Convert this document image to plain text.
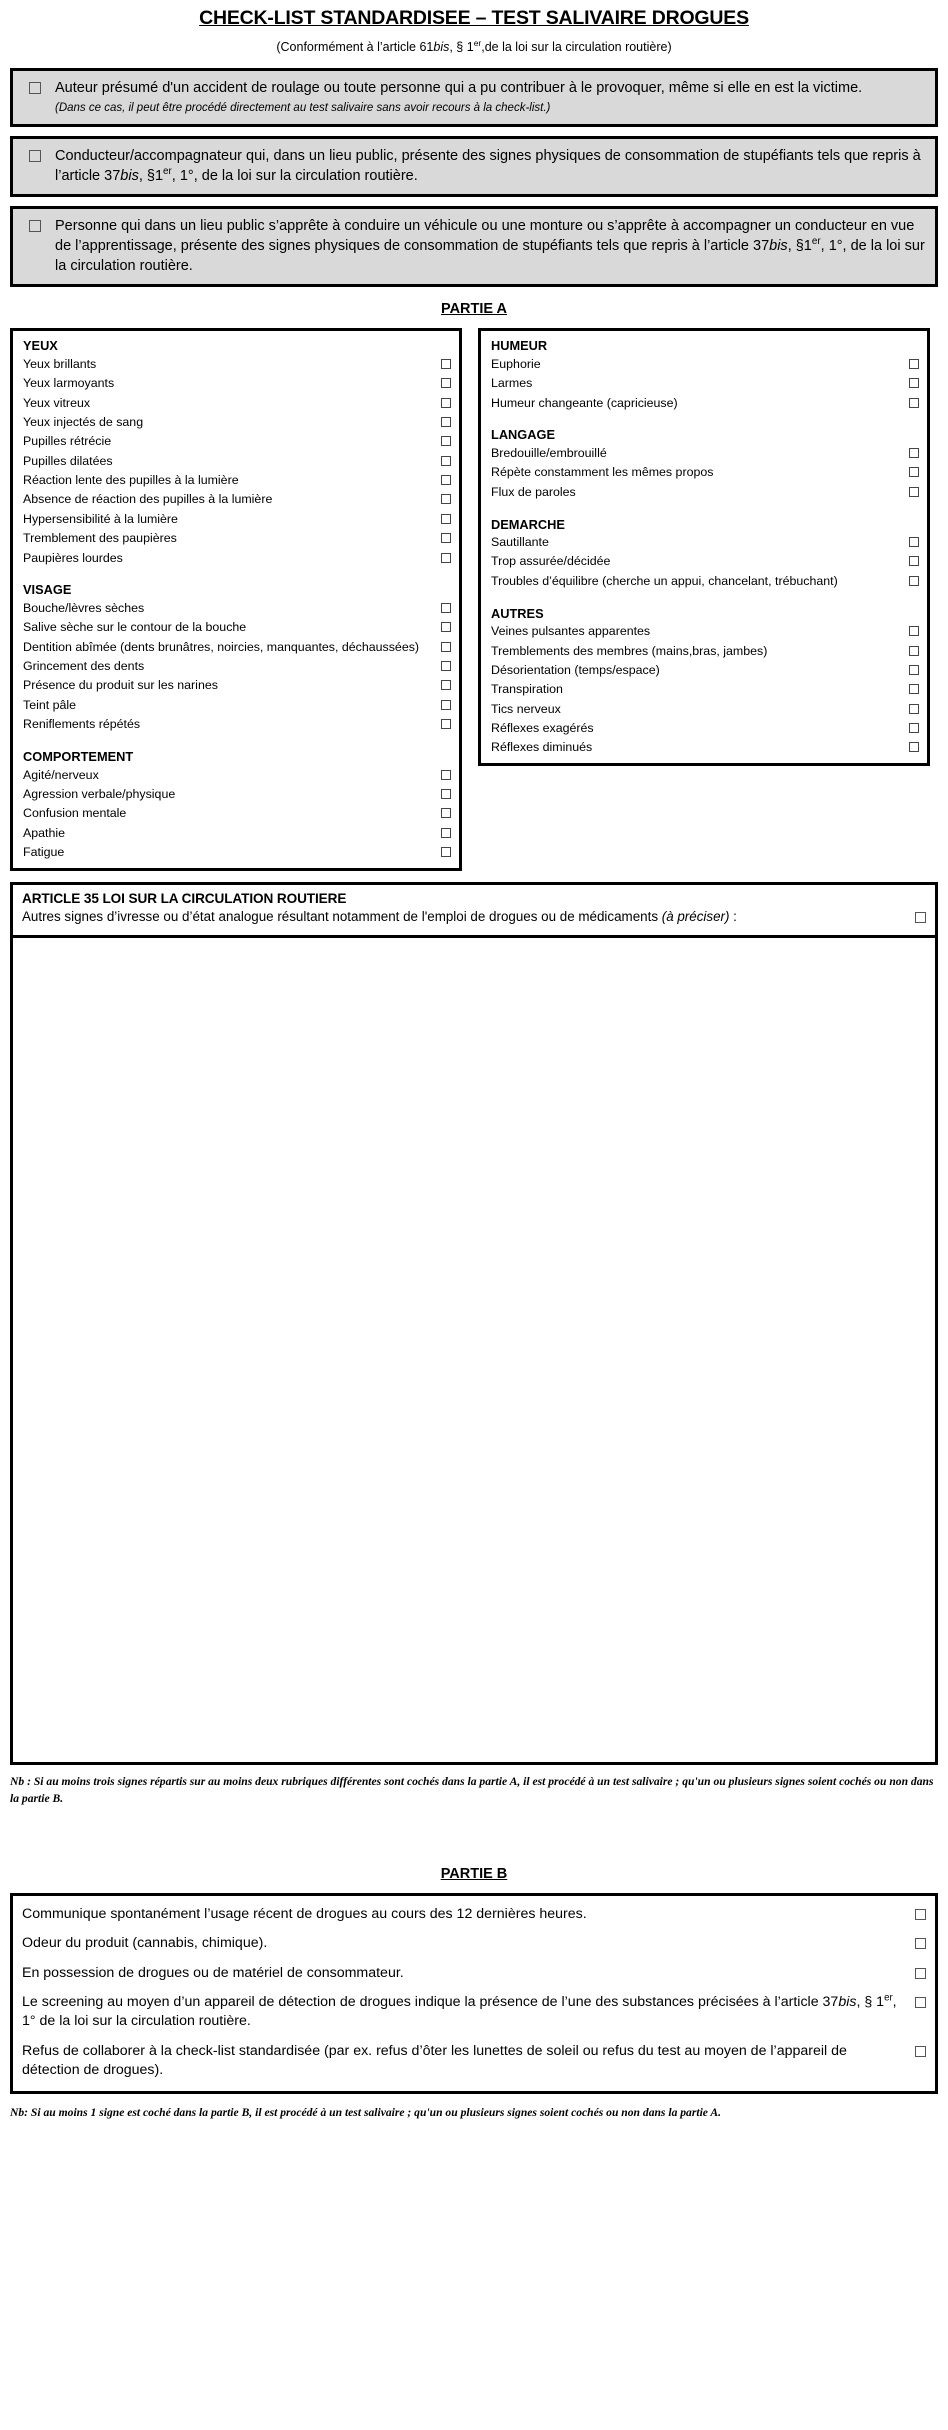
CHECK-LIST STANDARDISEE – TEST SALIVAIRE DROGUES
(Conformément à l’article 61bis, § 1er,de la loi sur la circulation routière)
Auteur présumé d'un accident de roulage ou toute personne qui a pu contribuer à le provoquer, même si elle en est la victime.
(Dans ce cas, il peut être procédé directement au test salivaire sans avoir recours à la check-list.)
Conducteur/accompagnateur qui, dans un lieu public, présente des signes physiques de consommation de stupéfiants tels que repris à l’article 37bis, §1er, 1°, de la loi sur la circulation routière.
Personne qui dans un lieu public s’apprête à conduire un véhicule ou une monture ou s’apprête à accompagner un conducteur en vue de l’apprentissage, présente des signes physiques de consommation de stupéfiants tels que repris à l’article 37bis, §1er, 1°, de la loi sur la circulation routière.
PARTIE A
YEUX
Yeux brillants
Yeux larmoyants
Yeux vitreux
Yeux injectés de sang
Pupilles rétrécie
Pupilles dilatées
Réaction lente des pupilles à la lumière
Absence de réaction des pupilles à la lumière
Hypersensibilité à la lumière
Tremblement des paupières
Paupières lourdes
VISAGE
Bouche/lèvres sèches
Salive sèche sur le contour de la bouche
Dentition abîmée (dents brunâtres, noircies, manquantes, déchaussées)
Grincement des dents
Présence du produit sur les narines
Teint pâle
Reniflements répétés
COMPORTEMENT
Agité/nerveux
Agression verbale/physique
Confusion mentale
Apathie
Fatigue
HUMEUR
Euphorie
Larmes
Humeur changeante (capricieuse)
LANGAGE
Bredouille/embrouillé
Répète constamment les mêmes propos
Flux de paroles
DEMARCHE
Sautillante
Trop assurée/décidée
Troubles d’équilibre (cherche un appui, chancelant, trébuchant)
AUTRES
Veines pulsantes apparentes
Tremblements des membres (mains,bras, jambes)
Désorientation (temps/espace)
Transpiration
Tics nerveux
Réflexes exagérés
Réflexes diminués
ARTICLE 35 LOI SUR LA CIRCULATION ROUTIERE
Autres signes d’ivresse ou d’état analogue résultant notamment de l'emploi de drogues ou de médicaments (à préciser) :
Nb : Si au moins trois signes répartis sur au moins deux rubriques différentes sont cochés dans la partie A, il est procédé à un test salivaire ; qu'un ou plusieurs signes soient cochés ou non dans la partie B.
PARTIE B
Communique spontanément l’usage récent de drogues au cours des 12 dernières heures.
Odeur du produit (cannabis, chimique).
En possession de drogues ou de matériel de consommateur.
Le screening au moyen d’un appareil de détection de drogues indique la présence de l’une des substances précisées à l’article 37bis, § 1er, 1° de la loi sur la circulation routière.
Refus de collaborer à la check-list standardisée (par ex. refus d’ôter les lunettes de soleil ou refus du test au moyen de l’appareil de détection de drogues).
Nb: Si au moins 1 signe est coché dans la partie B, il est procédé à un test salivaire ; qu'un ou plusieurs signes soient cochés ou non dans la partie A.
